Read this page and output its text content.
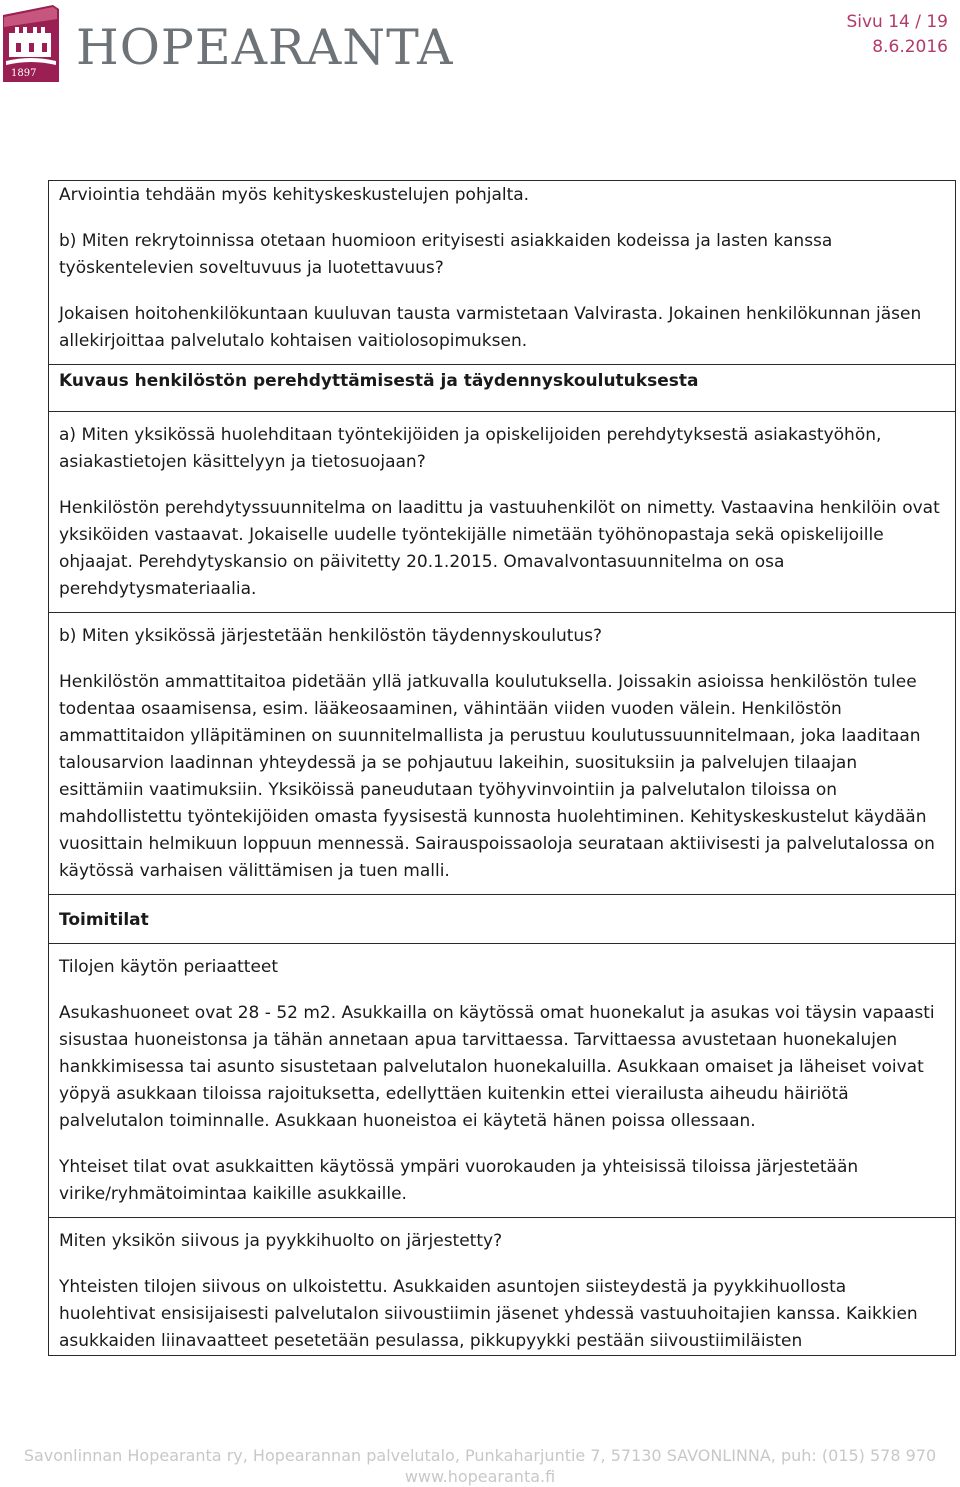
1897 HOPEARANTA	Sivu 14 / 19
8.6.2016

Arviointia tehdään myös kehityskeskustelujen pohjalta.

b) Miten rekrytoinnissa otetaan huomioon erityisesti asiakkaiden kodeissa ja lasten kanssa työskentelevien soveltuvuus ja luotettavuus?

Jokaisen hoitohenkilökuntaan kuuluvan tausta varmistetaan Valvirasta. Jokainen henkilökunnan jäsen allekirjoittaa palvelutalo kohtaisen vaitiolosopimuksen.

Kuvaus henkilöstön perehdyttämisestä ja täydennyskoulutuksesta

a) Miten yksikössä huolehditaan työntekijöiden ja opiskelijoiden perehdytyksestä asiakastyöhön, asiakastietojen käsittelyyn ja tietosuojaan?

Henkilöstön perehdytyssuunnitelma on laadittu ja vastuuhenkilöt on nimetty. Vastaavina henkilöin ovat yksiköiden vastaavat. Jokaiselle uudelle työntekijälle nimetään työhönopastaja sekä opiskelijoille ohjaajat. Perehdytyskansio on päivitetty 20.1.2015. Omavalvontasuunnitelma on osa perehdytysmateriaalia.

b) Miten yksikössä järjestetään henkilöstön täydennyskoulutus?

Henkilöstön ammattitaitoa pidetään yllä jatkuvalla koulutuksella. Joissakin asioissa henkilöstön tulee todentaa osaamisensa, esim. lääkeosaaminen, vähintään viiden vuoden välein. Henkilöstön ammattitaidon ylläpitäminen on suunnitelmallista ja perustuu koulutussuunnitelmaan, joka laaditaan talousarvion laadinnan yhteydessä ja se pohjautuu lakeihin, suosituksiin ja palvelujen tilaajan esittämiin vaatimuksiin. Yksiköissä paneudutaan työhyvinvointiin ja palvelutalon tiloissa on mahdollistettu työntekijöiden omasta fyysisestä kunnosta huolehtiminen. Kehityskeskustelut käydään vuosittain helmikuun loppuun mennessä. Sairauspoissaoloja seurataan aktiivisesti ja palvelutalossa on käytössä varhaisen välittämisen ja tuen malli.

Toimitilat

Tilojen käytön periaatteet

Asukashuoneet ovat 28 - 52 m2. Asukkailla on käytössä omat huonekalut ja asukas voi täysin vapaasti sisustaa huoneistonsa ja tähän annetaan apua tarvittaessa. Tarvittaessa avustetaan huonekalujen hankkimisessa tai asunto sisustetaan palvelutalon huonekaluilla. Asukkaan omaiset ja läheiset voivat yöpyä asukkaan tiloissa rajoituksetta, edellyttäen kuitenkin ettei vierailusta aiheudu häiriötä palvelutalon toiminnalle. Asukkaan huoneistoa ei käytetä hänen poissa ollessaan.

Yhteiset tilat ovat asukkaitten käytössä ympäri vuorokauden ja yhteisissä tiloissa järjestetään virike/ryhmätoimintaa kaikille asukkaille.

Miten yksikön siivous ja pyykkihuolto on järjestetty?

Yhteisten tilojen siivous on ulkoistettu. Asukkaiden asuntojen siisteydestä ja pyykkihuollosta huolehtivat ensisijaisesti palvelutalon siivoustiimin jäsenet yhdessä vastuuhoitajien kanssa. Kaikkien asukkaiden liinavaatteet pesetetään pesulassa, pikkupyykki pestään siivoustiimiläisten

Savonlinnan Hopearanta ry, Hopearannan palvelutalo, Punkaharjuntie 7, 57130 SAVONLINNA, puh: (015) 578 970
www.hopearanta.fi
